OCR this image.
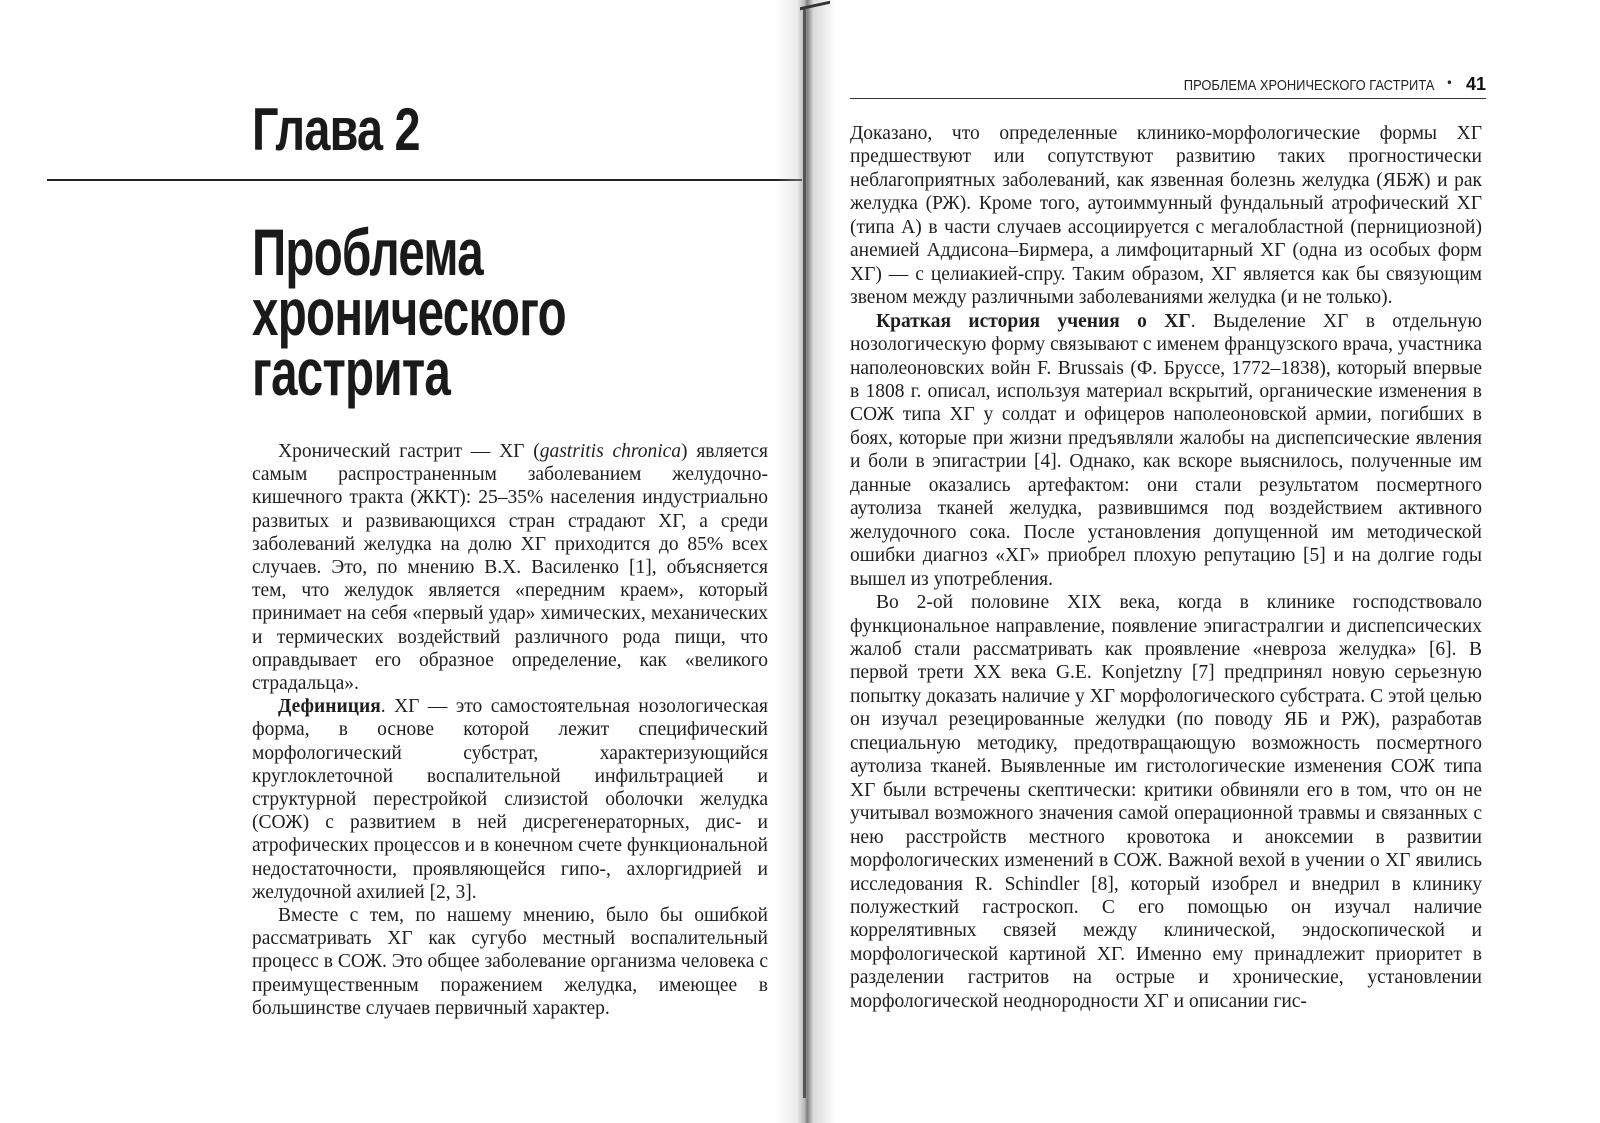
Глава 2
Проблема хронического гастрита

Хронический гастрит — ХГ (gastritis chronica) является самым распространенным заболеванием желудочно-кишечного тракта (ЖКТ): 25–35% населения индустриально развитых и развивающихся стран страдают ХГ, а среди заболеваний желудка на долю ХГ приходится до 85% всех случаев. Это, по мнению В.Х. Василенко [1], объясняется тем, что желудок является «передним краем», который принимает на себя «первый удар» химических, механических и термических воздействий различного рода пищи, что оправдывает его образное определение, как «великого страдальца».

Дефиниция. ХГ — это самостоятельная нозологическая форма, в основе которой лежит специфический морфологический субстрат, характеризующийся круглоклеточной воспалительной инфильтрацией и структурной перестройкой слизистой оболочки желудка (СОЖ) с развитием в ней дисрегенераторных, дис- и атрофических процессов и в конечном счете функциональной недостаточности, проявляющейся гипо-, ахлоргидрией и желудочной ахилией [2, 3].

Вместе с тем, по нашему мнению, было бы ошибкой рассматривать ХГ как сугубо местный воспалительный процесс в СОЖ. Это общее заболевание организма человека с преимущественным поражением желудка, имеющее в большинстве случаев первичный характер.

ПРОБЛЕМА ХРОНИЧЕСКОГО ГАСТРИТА • 41

Доказано, что определенные клинико-морфологические формы ХГ предшествуют или сопутствуют развитию таких прогностически неблагоприятных заболеваний, как язвенная болезнь желудка (ЯБЖ) и рак желудка (РЖ). Кроме того, аутоиммунный фундальный атрофический ХГ (типа А) в части случаев ассоциируется с мегалобластной (пернициозной) анемией Аддисона–Бирмера, а лимфоцитарный ХГ (одна из особых форм ХГ) — с целиакией-спру. Таким образом, ХГ является как бы связующим звеном между различными заболеваниями желудка (и не только).

Краткая история учения о ХГ. Выделение ХГ в отдельную нозологическую форму связывают с именем французского врача, участника наполеоновских войн F. Brussais (Ф. Бруссе, 1772–1838), который впервые в 1808 г. описал, используя материал вскрытий, органические изменения в СОЖ типа ХГ у солдат и офицеров наполеоновской армии, погибших в боях, которые при жизни предъявляли жалобы на диспепсические явления и боли в эпигастрии [4]. Однако, как вскоре выяснилось, полученные им данные оказались артефактом: они стали результатом посмертного аутолиза тканей желудка, развившимся под воздействием активного желудочного сока. После установления допущенной им методической ошибки диагноз «ХГ» приобрел плохую репутацию [5] и на долгие годы вышел из употребления.

Во 2-ой половине XIX века, когда в клинике господствовало функциональное направление, появление эпигастралгии и диспепсических жалоб стали рассматривать как проявление «невроза желудка» [6]. В первой трети XX века G.E. Konjetzny [7] предпринял новую серьезную попытку доказать наличие у ХГ морфологического субстрата. С этой целью он изучал резецированные желудки (по поводу ЯБ и РЖ), разработав специальную методику, предотвращающую возможность посмертного аутолиза тканей. Выявленные им гистологические изменения СОЖ типа ХГ были встречены скептически: критики обвиняли его в том, что он не учитывал возможного значения самой операционной травмы и связанных с нею расстройств местного кровотока и аноксемии в развитии морфологических изменений в СОЖ. Важной вехой в учении о ХГ явились исследования R. Schindler [8], который изобрел и внедрил в клинику полужесткий гастроскоп. С его помощью он изучал наличие коррелятивных связей между клинической, эндоскопической и морфологической картиной ХГ. Именно ему принадлежит приоритет в разделении гастритов на острые и хронические, установлении морфологической неоднородности ХГ и описании гис-
